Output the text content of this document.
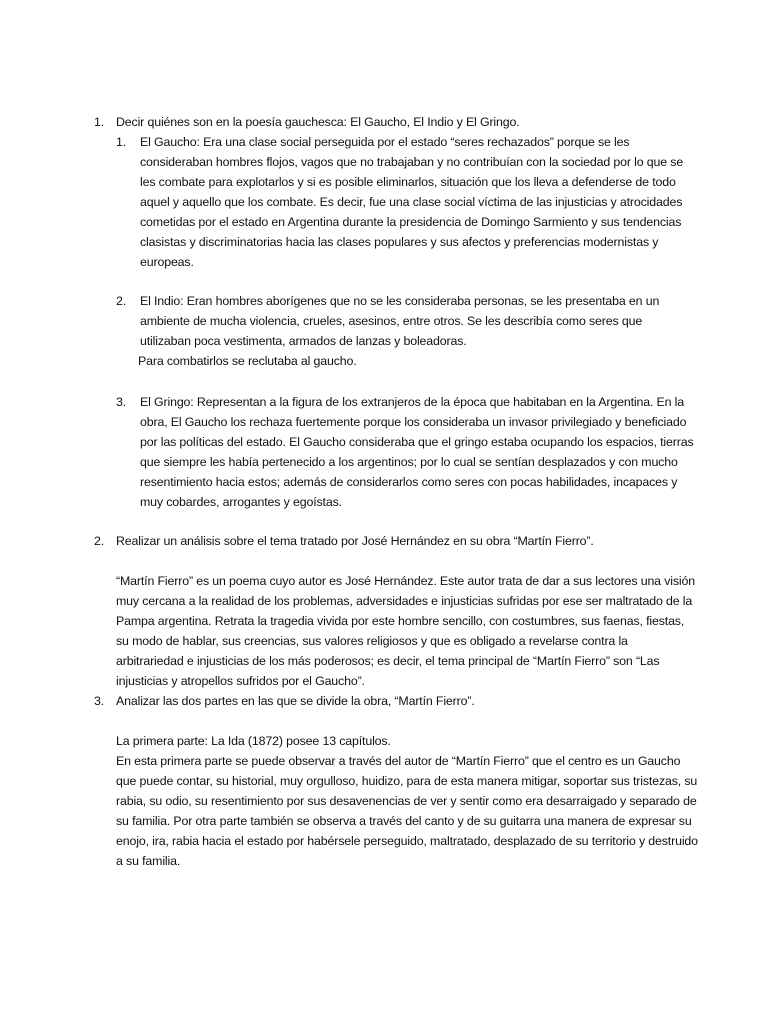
1. Decir quiénes son en la poesía gauchesca: El Gaucho, El Indio y El Gringo.

1. El Gaucho: Era una clase social perseguida por el estado “seres rechazados” porque se les consideraban hombres flojos, vagos que no trabajaban y no contribuían con la sociedad por lo que se les combate para explotarlos y si es posible eliminarlos, situación que los lleva a defenderse de todo aquel y aquello que los combate. Es decir, fue una clase social víctima de las injusticias y atrocidades cometidas por el estado en Argentina durante la presidencia de Domingo Sarmiento y sus tendencias clasistas y discriminatorias hacia las clases populares y sus afectos y preferencias modernistas y europeas.

2. El Indio: Eran hombres aborígenes que no se les consideraba personas, se les presentaba en un ambiente de mucha violencia, crueles, asesinos, entre otros. Se les describía como seres que utilizaban poca vestimenta, armados de lanzas y boleadoras.

Para combatirlos se reclutaba al gaucho.

3. El Gringo: Representan a la figura de los extranjeros de la época que habitaban en la Argentina. En la obra, El Gaucho los rechaza fuertemente porque los consideraba un invasor privilegiado y beneficiado por las políticas del estado. El Gaucho consideraba que el gringo estaba ocupando los espacios, tierras que siempre les había pertenecido a los argentinos; por lo cual se sentían desplazados y con mucho resentimiento hacia estos; además de considerarlos como seres con pocas habilidades, incapaces y muy cobardes, arrogantes y egoístas.

2. Realizar un análisis sobre el tema tratado por José Hernández en su obra “Martín Fierro”.

“Martín Fierro” es un poema cuyo autor es José Hernández. Este autor trata de dar a sus lectores una visión muy cercana a la realidad de los problemas, adversidades e injusticias sufridas por ese ser maltratado de la Pampa argentina. Retrata la tragedia vivida por este hombre sencillo, con costumbres, sus faenas, fiestas, su modo de hablar, sus creencias, sus valores religiosos y que es obligado a revelarse contra la arbitrariedad e injusticias de los más poderosos; es decir, el tema principal de “Martín Fierro” son “Las injusticias y atropellos sufridos por el Gaucho”.

3. Analizar las dos partes en las que se divide la obra, “Martín Fierro”.

La primera parte: La Ida (1872) posee 13 capítulos.

En esta primera parte se puede observar a través del autor de “Martín Fierro” que el centro es un Gaucho que puede contar, su historial, muy orgulloso, huidizo, para de esta manera mitigar, soportar sus tristezas, su rabia, su odio, su resentimiento por sus desavenencias de ver y sentir como era desarraigado y separado de su familia. Por otra parte también se observa a través del canto y de su guitarra una manera de expresar su enojo, ira, rabia hacia el estado por habérsele perseguido, maltratado, desplazado de su territorio y destruido a su familia.
